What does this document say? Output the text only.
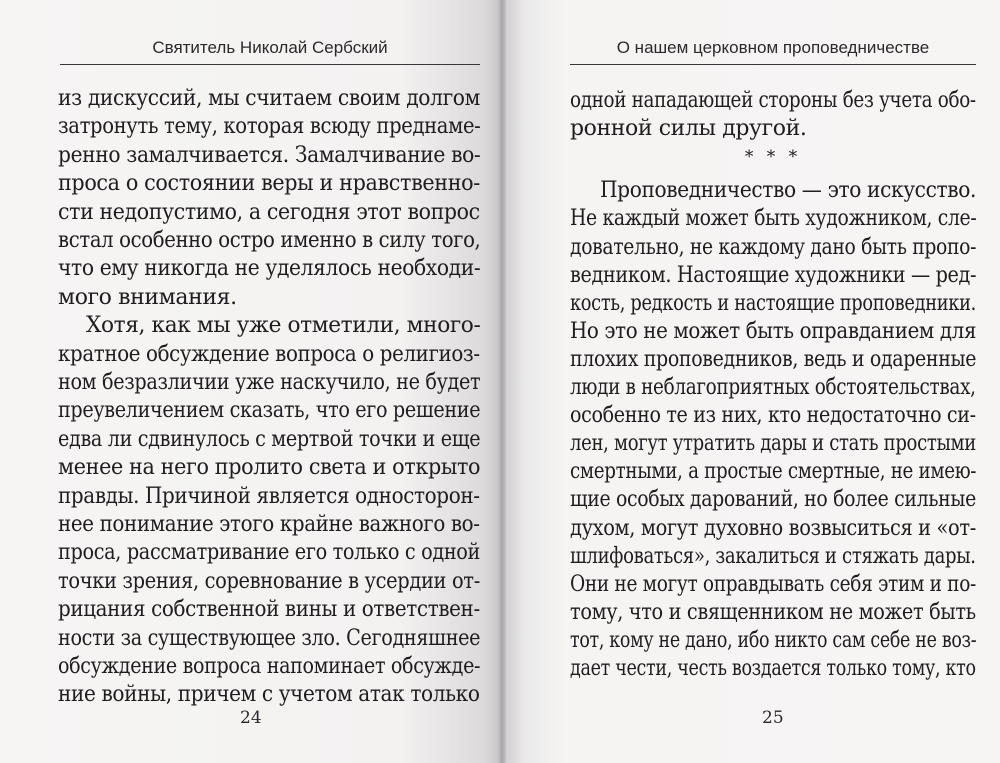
Святитель Николай Сербский
24
из дискуссий, мы считаем своим долгом
затронуть тему, которая всюду преднаме-
ренно замалчивается. Замалчивание во-
проса о состоянии веры и нравственно-
сти недопустимо, а сегодня этот вопрос
встал особенно остро именно в силу того,
что ему никогда не уделялось необходи-
мого внимания.
Хотя, как мы уже отметили, много-
кратное обсуждение вопроса о религиоз-
ном безразличии уже наскучило, не будет
преувеличением сказать, что его решение
едва ли сдвинулось с мертвой точки и еще
менее на него пролито света и открыто
правды. Причиной является односторон-
нее понимание этого крайне важного во-
проса, рассматривание его только с одной
точки зрения, соревнование в усердии от-
рицания собственной вины и ответствен-
ности за существующее зло. Сегодняшнее
обсуждение вопроса напоминает обсужде-
ние войны, причем с учетом атак только
О нашем церковном проповедничестве
25
одной нападающей стороны без учета обо-
ронной силы другой.
* * *
Проповедничество — это искусство.
Не каждый может быть художником, сле-
довательно, не каждому дано быть пропо-
ведником. Настоящие художники — ред-
кость, редкость и настоящие проповедники.
Но это не может быть оправданием для
плохих проповедников, ведь и одаренные
люди в неблагоприятных обстоятельствах,
особенно те из них, кто недостаточно си-
лен, могут утратить дары и стать простыми
смертными, а простые смертные, не имею-
щие особых дарований, но более сильные
духом, могут духовно возвыситься и «от-
шлифоваться», закалиться и стяжать дары.
Они не могут оправдывать себя этим и по-
тому, что и священником не может быть
тот, кому не дано, ибо никто сам себе не воз-
дает чести, честь воздается только тому, кто
